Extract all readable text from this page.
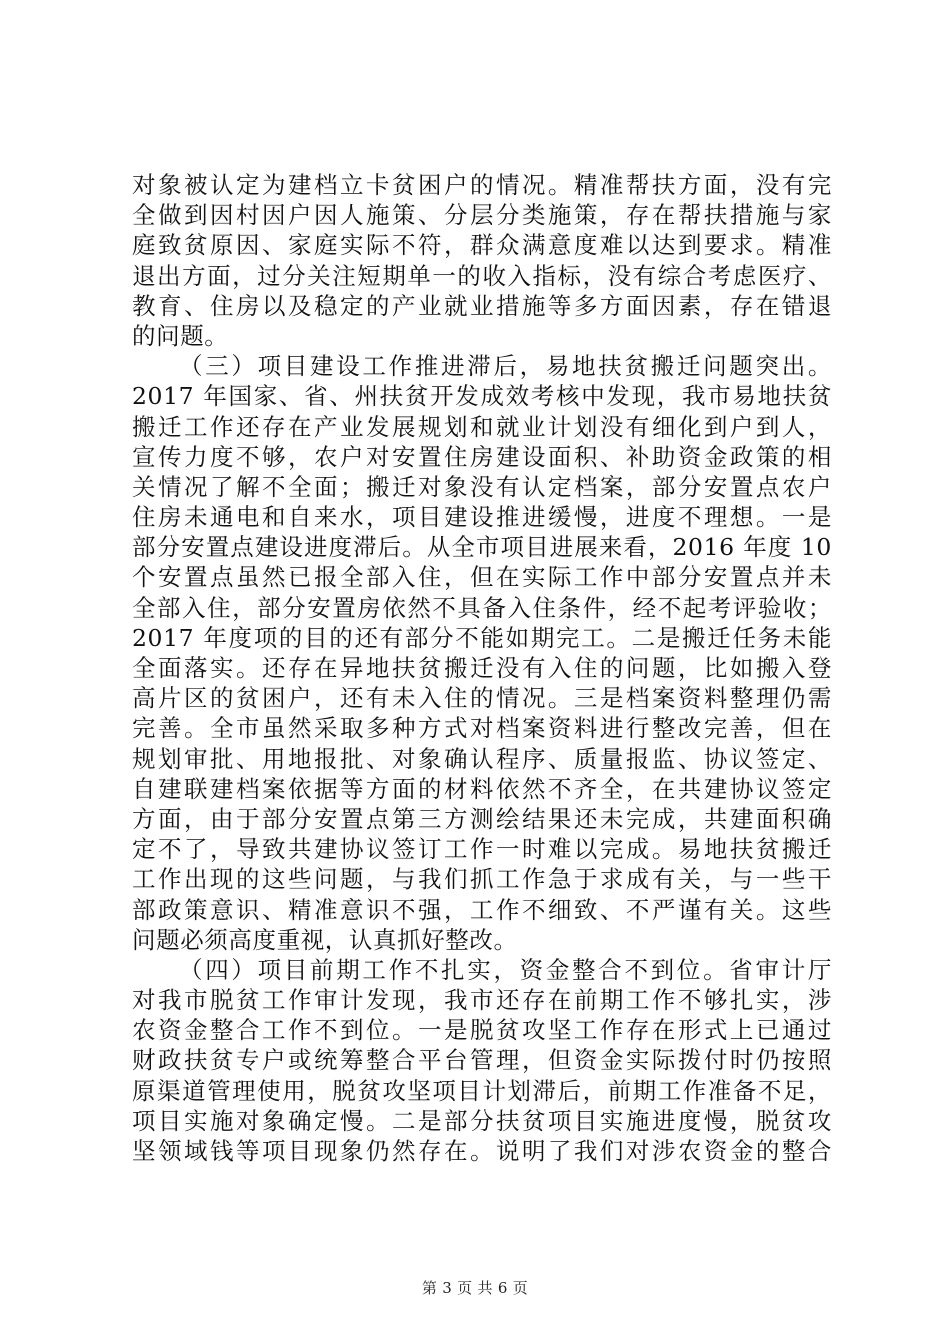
对象被认定为建档立卡贫困户的情况。精准帮扶方面，没有完
全做到因村因户因人施策、分层分类施策，存在帮扶措施与家
庭致贫原因、家庭实际不符，群众满意度难以达到要求。精准
退出方面，过分关注短期单一的收入指标，没有综合考虑医疗、
教育、住房以及稳定的产业就业措施等多方面因素，存在错退
的问题。
（三）项目建设工作推进滞后，易地扶贫搬迁问题突出。
2017 年国家、省、州扶贫开发成效考核中发现，我市易地扶贫
搬迁工作还存在产业发展规划和就业计划没有细化到户到人，
宣传力度不够，农户对安置住房建设面积、补助资金政策的相
关情况了解不全面；搬迁对象没有认定档案，部分安置点农户
住房未通电和自来水，项目建设推进缓慢，进度不理想。一是
部分安置点建设进度滞后。从全市项目进展来看，2016 年度 10
个安置点虽然已报全部入住，但在实际工作中部分安置点并未
全部入住，部分安置房依然不具备入住条件，经不起考评验收；
2017 年度项的目的还有部分不能如期完工。二是搬迁任务未能
全面落实。还存在异地扶贫搬迁没有入住的问题，比如搬入登
高片区的贫困户，还有未入住的情况。三是档案资料整理仍需
完善。全市虽然采取多种方式对档案资料进行整改完善，但在
规划审批、用地报批、对象确认程序、质量报监、协议签定、
自建联建档案依据等方面的材料依然不齐全，在共建协议签定
方面，由于部分安置点第三方测绘结果还未完成，共建面积确
定不了，导致共建协议签订工作一时难以完成。易地扶贫搬迁
工作出现的这些问题，与我们抓工作急于求成有关，与一些干
部政策意识、精准意识不强，工作不细致、不严谨有关。这些
问题必须高度重视，认真抓好整改。
（四）项目前期工作不扎实，资金整合不到位。省审计厅
对我市脱贫工作审计发现，我市还存在前期工作不够扎实，涉
农资金整合工作不到位。一是脱贫攻坚工作存在形式上已通过
财政扶贫专户或统筹整合平台管理，但资金实际拨付时仍按照
原渠道管理使用，脱贫攻坚项目计划滞后，前期工作准备不足，
项目实施对象确定慢。二是部分扶贫项目实施进度慢，脱贫攻
坚领域钱等项目现象仍然存在。说明了我们对涉农资金的整合
第 3 页 共 6 页
